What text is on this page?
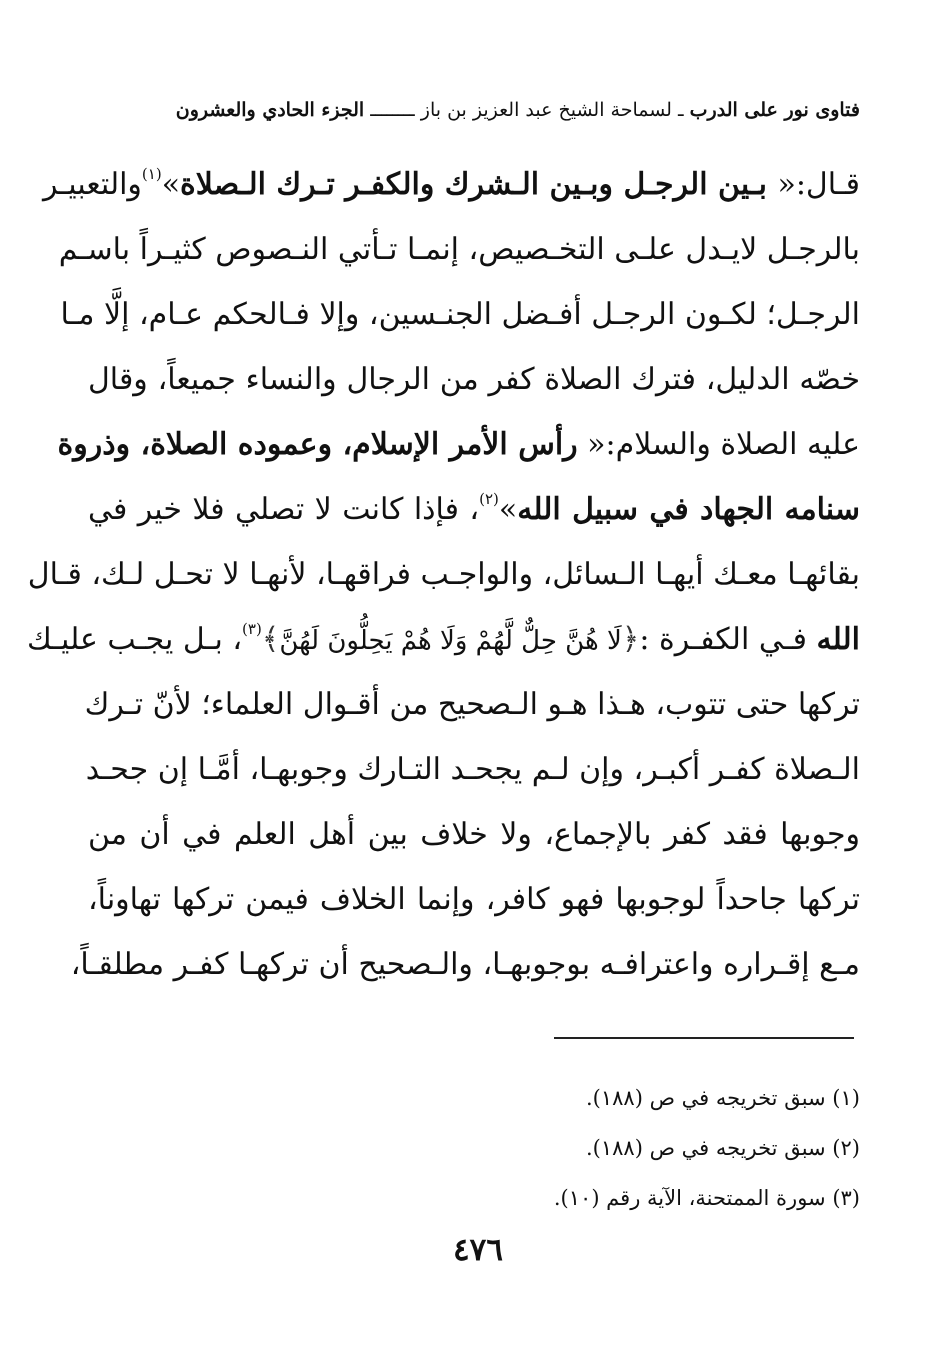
فتاوى نور على الدرب ـ لسماحة الشيخ عبد العزيز بن باز ــــــــ الجزء الحادي والعشرون
قـال:« بـين الرجـل وبـين الـشرك والكفـر تـرك الـصلاة»$^{(١)}$والتعبيـر
بالرجـل لايـدل علـى التخـصيص، إنمـا تـأتي النـصوص كثيـراً باسـم
الرجـل؛ لكـون الرجـل أفـضل الجنـسين، وإلا فـالحكم عـام، إلَّا مـا
خصّه الدليل، فترك الصلاة كفر من الرجال والنساء جميعاً، وقال
عليه الصلاة والسلام:« رأس الأمر الإسلام، وعموده الصلاة، وذروة
سنامه الجهاد في سبيل الله»$^{(٢)}$، فإذا كانت لا تصلي فلا خير في
بقائهـا معـك أيهـا الـسائل، والواجـب فراقهـا، لأنهـا لا تحـل لـك، قـال
الله فـي الكفـرة :﴿لَا هُنَّ حِلٌّ لَّهُمْ وَلَا هُمْ يَحِلُّونَ لَهُنَّ﴾$^{(٣)}$، بـل يجـب عليـك
تركها حتى تتوب، هـذا هـو الـصحيح من أقـوال العلماء؛ لأنّ تـرك
الـصلاة كفـر أكبـر، وإن لـم يجحـد التـارك وجوبهـا، أمَّـا إن جحـد
وجوبها فقد كفر بالإجماع، ولا خلاف بين أهل العلم في أن من
تركها جاحداً لوجوبها فهو كافر، وإنما الخلاف فيمن تركها تهاوناً،
مـع إقـراره واعترافـه بوجوبهـا، والـصحيح أن تركهـا كفـر مطلقـاً،
(١) سبق تخريجه في ص (١٨٨).
(٢) سبق تخريجه في ص (١٨٨).
(٣) سورة الممتحنة، الآية رقم (١٠).
٤٧٦
